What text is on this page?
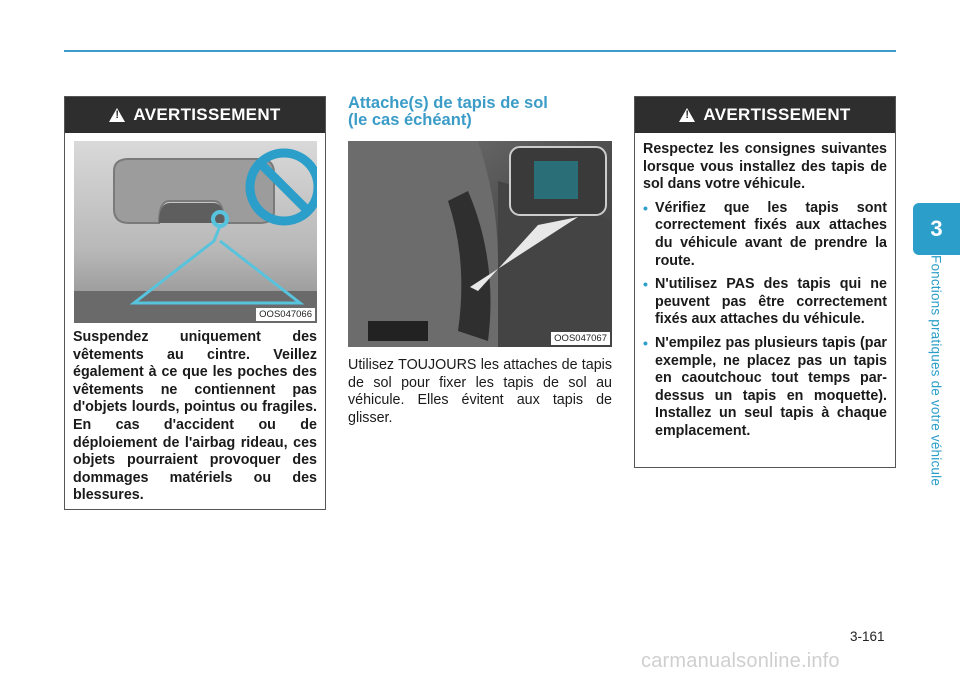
3
Fonctions pratiques de votre véhicule
!
AVERTISSEMENT
OOS047066
Suspendez uniquement des vêtements au cintre. Veillez également à ce que les poches des vêtements ne contiennent pas d'objets lourds, pointus ou fragiles. En cas d'accident ou de déploiement de l'airbag rideau, ces objets pourraient provoquer des dommages matériels ou des blessures.
Attache(s) de tapis de sol
(le cas échéant)
OOS047067
Utilisez TOUJOURS les attaches de tapis de sol pour fixer les tapis de sol au véhicule. Elles évitent aux tapis de glisser.
!
AVERTISSEMENT
Respectez les consignes suivantes lorsque vous installez des tapis de sol dans votre véhicule.
• Vérifiez que les tapis sont correctement fixés aux attaches du véhicule avant de prendre la route.
• N'utilisez PAS des tapis qui ne peuvent pas être correctement fixés aux attaches du véhicule.
• N'empilez pas plusieurs tapis (par exemple, ne placez pas un tapis en caoutchouc tout temps par-dessus un tapis en moquette). Installez un seul tapis à chaque emplacement.
3-161
carmanualsonline.info
